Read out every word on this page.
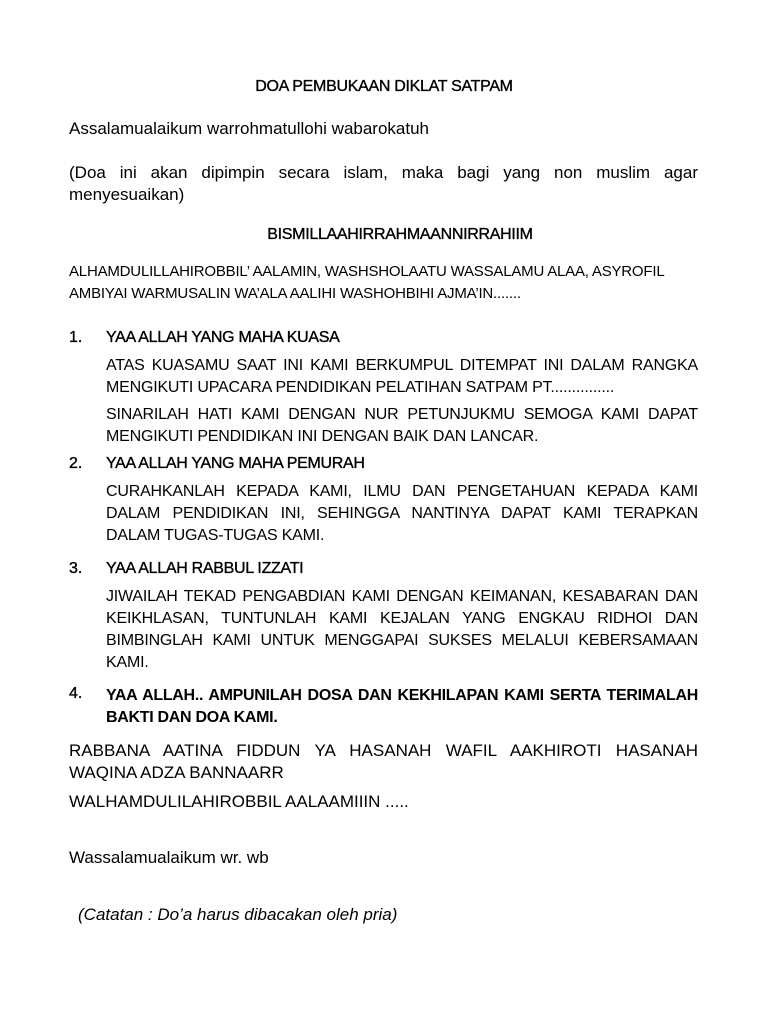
DOA PEMBUKAAN DIKLAT SATPAM
Assalamualaikum warrohmatullohi wabarokatuh
(Doa ini akan dipimpin secara islam, maka bagi yang non muslim agar menyesuaikan)
BISMILLAAHIRRAHMAANNIRRAHIIM
ALHAMDULILLAHIROBBIL’ AALAMIN, WASHSHOLAATU WASSALAMU ALAA, ASYROFIL AMBIYAI WARMUSALIN WA’ALA AALIHI WASHOHBIHI AJMA’IN.......
1. YAA ALLAH YANG MAHA KUASA
ATAS KUASAMU SAAT INI KAMI BERKUMPUL DITEMPAT INI DALAM RANGKA MENGIKUTI UPACARA PENDIDIKAN PELATIHAN SATPAM PT...............
SINARILAH HATI KAMI DENGAN NUR PETUNJUKMU SEMOGA KAMI DAPAT MENGIKUTI PENDIDIKAN INI DENGAN BAIK DAN LANCAR.
2. YAA ALLAH YANG MAHA PEMURAH
CURAHKANLAH KEPADA KAMI, ILMU DAN PENGETAHUAN KEPADA KAMI DALAM PENDIDIKAN INI, SEHINGGA NANTINYA DAPAT KAMI TERAPKAN DALAM TUGAS-TUGAS KAMI.
3. YAA ALLAH RABBUL IZZATI
JIWAILAH TEKAD PENGABDIAN KAMI DENGAN KEIMANAN, KESABARAN DAN KEIKHLASAN, TUNTUNLAH KAMI KEJALAN YANG ENGKAU RIDHOI DAN BIMBINGLAH KAMI UNTUK MENGGAPAI SUKSES MELALUI KEBERSAMAAN KAMI.
4. YAA ALLAH.. AMPUNILAH DOSA DAN KEKHILAPAN KAMI SERTA TERIMALAH BAKTI DAN DOA KAMI.
RABBANA AATINA FIDDUN YA HASANAH WAFIL AAKHIROTI HASANAH WAQINA ADZA BANNAARR
WALHAMDULILAHIROBBIL AALAAMIIIN .....
Wassalamualaikum wr. wb
(Catatan : Do’a harus dibacakan oleh pria)
